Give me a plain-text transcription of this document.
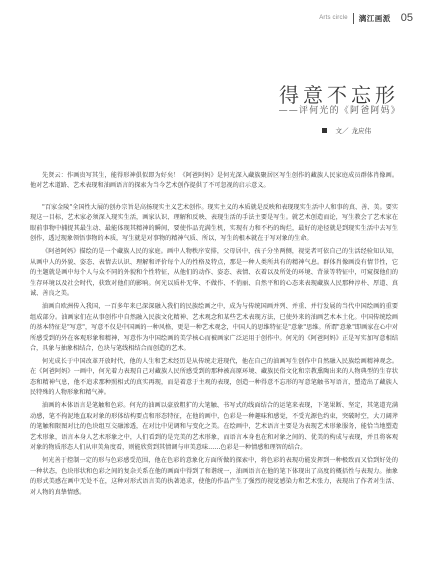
Arts circle 漓江画派 05
得意不忘形
——评何光的《阿爸阿妈》
文／ 龙应伟

先贤云：作画贵写其生，能得形神俱似即为好矣！《阿爸阿妈》是何光深入藏族聚居区写生创作的藏族人民家庭成员群体肖像画。他对艺术道路、艺术表现和油画语言的探索为当今艺术创作提供了不可忽视的启示意义。

"百家金陵"全国性大展的创办宗旨是高扬现实主义艺术创作。现实主义的本质就是反映和表现现实生活中人和事的真、善、美。要实现这一目标，艺术家必须深入现实生活，画家认识、理解和反映、表现生活的手法主要是写生。就艺术创造而论，写生教会了艺术家在眼前事物中捕捉其最生动、最能体现其精神的瞬间，要使作品充满生机，实现有力和不朽的绚烂，最好的途径就是到现实生活中去写生创作，透过现象领悟事物的本质，写生就是对事物的精神气质、所以，写生的根本就在于写对象的生命。

《阿爸阿妈》描绘的是一个藏族人民的家庭。画中人物秩序安排，父母居中，孩子分坐两侧，视觉者可依自己的生活经验知认知，从画中人的外貌、姿态、表情去认识、理解和评价每个人的性格及特点，那是一种人类所共有的精神气息。群体肖像画没有情节性，它的主题就是画中每个人与众不同的外貌和个性特征，从他们的动作、姿态、表情、衣着以及所处的环境、背景等特征中，可窥探他们的生存环境以及社会时代，获致对他们的影响。何光以质朴无华、不做作、不俏丽、自然平和的心态来表现藏族人民那种淳朴、厚道、真诚、善良之美。

油画自欧洲传入我国，一百多年来已深深融入我们的民族绘画之中，成为与传统国画并列、并重、并行发展的当代中国绘画的重要组成部分。油画家们在从事创作中自然融入民族文化精神、艺术观念和某些艺术表现方法，已使外来的油画艺术本土化。中国传统绘画的基本特征是"写意"，写意不仅是中国画的一种风格，更是一种艺术观念，中国人的思维特征是"意象"思维。所谓"意象"即画家在心中对所感受到的外在客观形象和精神，写意作为中国绘画的美学核心而被画家广泛运用于创作中。何光的《阿爸阿妈》正是写实加写意相结合，具象与抽象相结合，色块与笔线相结合而创造的艺术。

何光成长于中国改革开放时代，他的人生和艺术经历是从传统走进现代，他在自己的油画写生创作中自然融入民族绘画精神观念。在《阿爸阿妈》一画中，何光着力表现自己对藏族人民所感受到的那种被高原环境、藏族民俗文化和宗教熏陶出来的人物典型的生存状态和精神气息，他不追求那种照相式的真实再现，而是着意于主观的表现，创造一种得意不忘形的写意笔触书写语言，塑造出了藏族人民特殊的人物形象和精气神。

油画的本体语言是笔触和色彩。何光的油画以豪放粗犷的大笔触、书写式的线面结合的运笔来表现，下笔果断、坚定，其笔道充满动感，笔不拘泥地直取对象的形体结构要点和形态特征，在他的画中，色彩是一种趣味和感觉，不受光源色约束，突破时空，大刀阔斧的笔触和限图对比的色块组互交融渗透，在对比中见调和与变化之美。在绘画中，艺术语言主要是为表现艺术形象服务，能恰当地塑造艺术形象，语言本身人艺术形象之中，人们看到的是完美的艺术形象，而语言本身也在和对象之间的、优美的构成与表现，并且将客观对象的物质形态人们从审美角度看，则能欣赏到其情调与审美意味……色彩是一种情感和理智的结合。

何光善于控制一定的形与色彩感受范围，他在色彩的意象化方面所做的探索中，将色彩的表现功能发挥到一种极致而又恰到好处的一种状态，色块形状和色彩之间的复杂关系在他的画面中得到了和谐统一，油画语言在他的笔下体现出了高度的概括性与表现力。抽象的形式美感在画中无处不在，这种对形式语言美的执著追求，使他的作品产生了强烈的视觉感染力和艺术张力，表现出了作者对生活、对人物的真挚情感。
